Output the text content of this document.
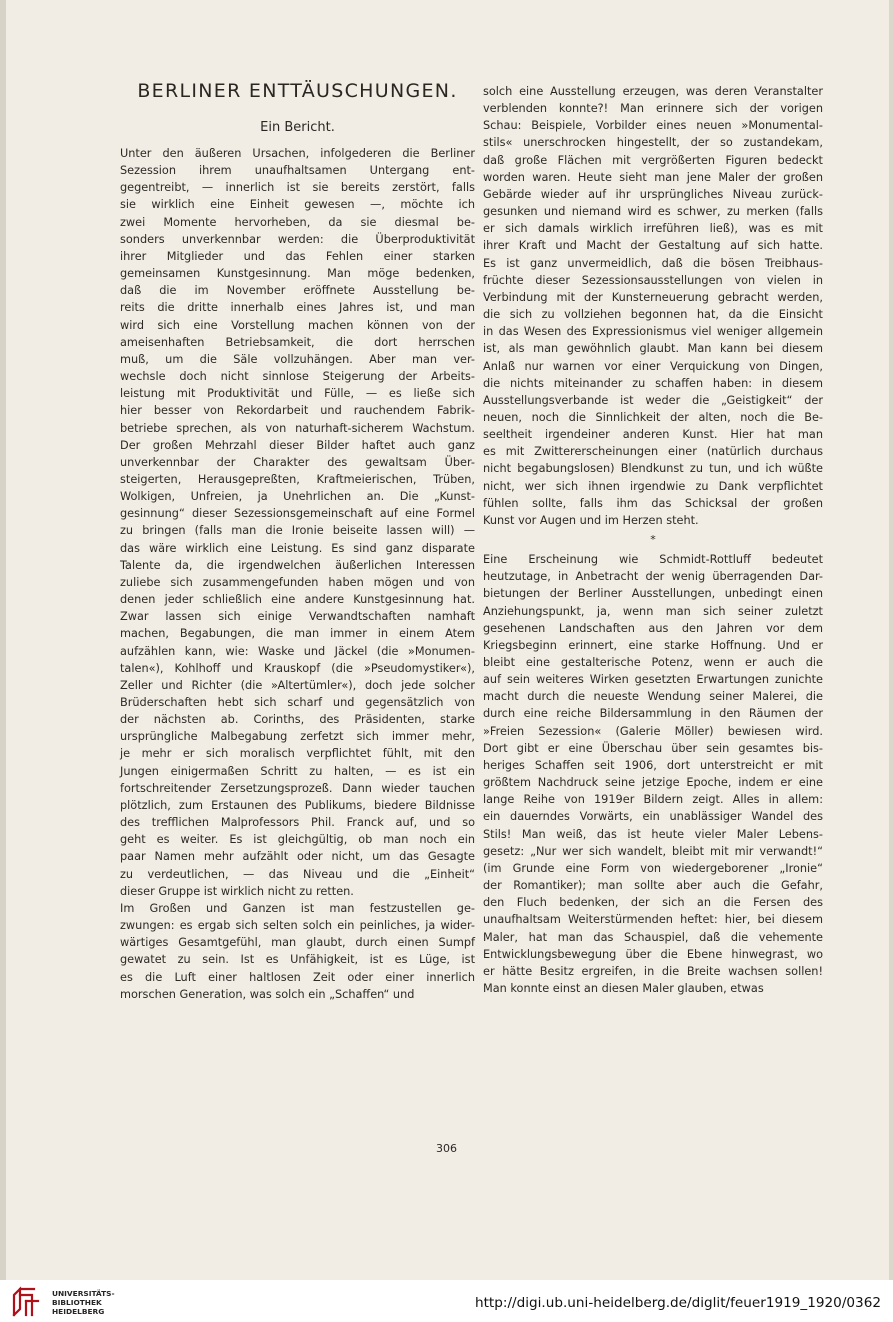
BERLINER ENTTÄUSCHUNGEN.
Ein Bericht.

Unter den äußeren Ursachen, infolgederen die Berliner

Sezession ihrem unaufhaltsamen Untergang ent-

gegentreibt, — innerlich ist sie bereits zerstört, falls

sie wirklich eine Einheit gewesen —, möchte ich

zwei Momente hervorheben, da sie diesmal be-

sonders unverkennbar werden: die Überproduktivität

ihrer Mitglieder und das Fehlen einer starken

gemeinsamen Kunstgesinnung. Man möge bedenken,

daß die im November eröffnete Ausstellung be-

reits die dritte innerhalb eines Jahres ist, und man

wird sich eine Vorstellung machen können von der

ameisenhaften Betriebsamkeit, die dort herrschen

muß, um die Säle vollzuhängen. Aber man ver-

wechsle doch nicht sinnlose Steigerung der Arbeits-

leistung mit Produktivität und Fülle, — es ließe sich

hier besser von Rekordarbeit und rauchendem Fabrik-

betriebe sprechen, als von naturhaft-sicherem Wachstum.

Der großen Mehrzahl dieser Bilder haftet auch ganz

unverkennbar der Charakter des gewaltsam Über-

steigerten, Herausgepreßten, Kraftmeierischen, Trüben,

Wolkigen, Unfreien, ja Unehrlichen an. Die „Kunst-

gesinnung“ dieser Sezessionsgemeinschaft auf eine Formel

zu bringen (falls man die Ironie beiseite lassen will) —

das wäre wirklich eine Leistung. Es sind ganz disparate

Talente da, die irgendwelchen äußerlichen Interessen

zuliebe sich zusammengefunden haben mögen und von

denen jeder schließlich eine andere Kunstgesinnung hat.

Zwar lassen sich einige Verwandtschaften namhaft

machen, Begabungen, die man immer in einem Atem

aufzählen kann, wie: Waske und Jäckel (die »Monumen-

talen«), Kohlhoff und Krauskopf (die »Pseudomystiker«),

Zeller und Richter (die »Altertümler«), doch jede solcher

Brüderschaften hebt sich scharf und gegensätzlich von

der nächsten ab. Corinths, des Präsidenten, starke

ursprüngliche Malbegabung zerfetzt sich immer mehr,

je mehr er sich moralisch verpflichtet fühlt, mit den

Jungen einigermaßen Schritt zu halten, — es ist ein

fortschreitender Zersetzungsprozeß. Dann wieder tauchen

plötzlich, zum Erstaunen des Publikums, biedere Bildnisse

des trefflichen Malprofessors Phil. Franck auf, und so

geht es weiter. Es ist gleichgültig, ob man noch ein

paar Namen mehr aufzählt oder nicht, um das Gesagte

zu verdeutlichen, — das Niveau und die „Einheit“

dieser Gruppe ist wirklich nicht zu retten.

Im Großen und Ganzen ist man festzustellen ge-

zwungen: es ergab sich selten solch ein peinliches, ja wider-

wärtiges Gesamtgefühl, man glaubt, durch einen Sumpf

gewatet zu sein. Ist es Unfähigkeit, ist es Lüge, ist

es die Luft einer haltlosen Zeit oder einer innerlich

morschen Generation, was solch ein „Schaffen“ und

solch eine Ausstellung erzeugen, was deren Veranstalter

verblenden konnte?! Man erinnere sich der vorigen

Schau: Beispiele, Vorbilder eines neuen »Monumental-

stils« unerschrocken hingestellt, der so zustandekam,

daß große Flächen mit vergrößerten Figuren bedeckt

worden waren. Heute sieht man jene Maler der großen

Gebärde wieder auf ihr ursprüngliches Niveau zurück-

gesunken und niemand wird es schwer, zu merken (falls

er sich damals wirklich irreführen ließ), was es mit

ihrer Kraft und Macht der Gestaltung auf sich hatte.

Es ist ganz unvermeidlich, daß die bösen Treibhaus-

früchte dieser Sezessionsausstellungen von vielen in

Verbindung mit der Kunsterneuerung gebracht werden,

die sich zu vollziehen begonnen hat, da die Einsicht

in das Wesen des Expressionismus viel weniger allgemein

ist, als man gewöhnlich glaubt. Man kann bei diesem

Anlaß nur warnen vor einer Verquickung von Dingen,

die nichts miteinander zu schaffen haben: in diesem

Ausstellungsverbande ist weder die „Geistigkeit“ der

neuen, noch die Sinnlichkeit der alten, noch die Be-

seeltheit irgendeiner anderen Kunst. Hier hat man

es mit Zwittererscheinungen einer (natürlich durchaus

nicht begabungslosen) Blendkunst zu tun, und ich wüßte

nicht, wer sich ihnen irgendwie zu Dank verpflichtet

fühlen sollte, falls ihm das Schicksal der großen

Kunst vor Augen und im Herzen steht.

*

Eine Erscheinung wie Schmidt-Rottluff bedeutet

heutzutage, in Anbetracht der wenig überragenden Dar-

bietungen der Berliner Ausstellungen, unbedingt einen

Anziehungspunkt, ja, wenn man sich seiner zuletzt

gesehenen Landschaften aus den Jahren vor dem

Kriegsbeginn erinnert, eine starke Hoffnung. Und er

bleibt eine gestalterische Potenz, wenn er auch die

auf sein weiteres Wirken gesetzten Erwartungen zunichte

macht durch die neueste Wendung seiner Malerei, die

durch eine reiche Bildersammlung in den Räumen der

»Freien Sezession« (Galerie Möller) bewiesen wird.

Dort gibt er eine Überschau über sein gesamtes bis-

heriges Schaffen seit 1906, dort unterstreicht er mit

größtem Nachdruck seine jetzige Epoche, indem er eine

lange Reihe von 1919er Bildern zeigt. Alles in allem:

ein dauerndes Vorwärts, ein unablässiger Wandel des

Stils! Man weiß, das ist heute vieler Maler Lebens-

gesetz: „Nur wer sich wandelt, bleibt mit mir verwandt!“

(im Grunde eine Form von wiedergeborener „Ironie“

der Romantiker); man sollte aber auch die Gefahr,

den Fluch bedenken, der sich an die Fersen des

unaufhaltsam Weiterstürmenden heftet: hier, bei diesem

Maler, hat man das Schauspiel, daß die vehemente

Entwicklungsbewegung über die Ebene hinwegrast, wo

er hätte Besitz ergreifen, in die Breite wachsen sollen!

Man konnte einst an diesen Maler glauben, etwas

306
UNIVERSITÄTS-
BIBLIOTHEK
HEIDELBERG
http://digi.ub.uni-heidelberg.de/diglit/feuer1919_1920/0362
